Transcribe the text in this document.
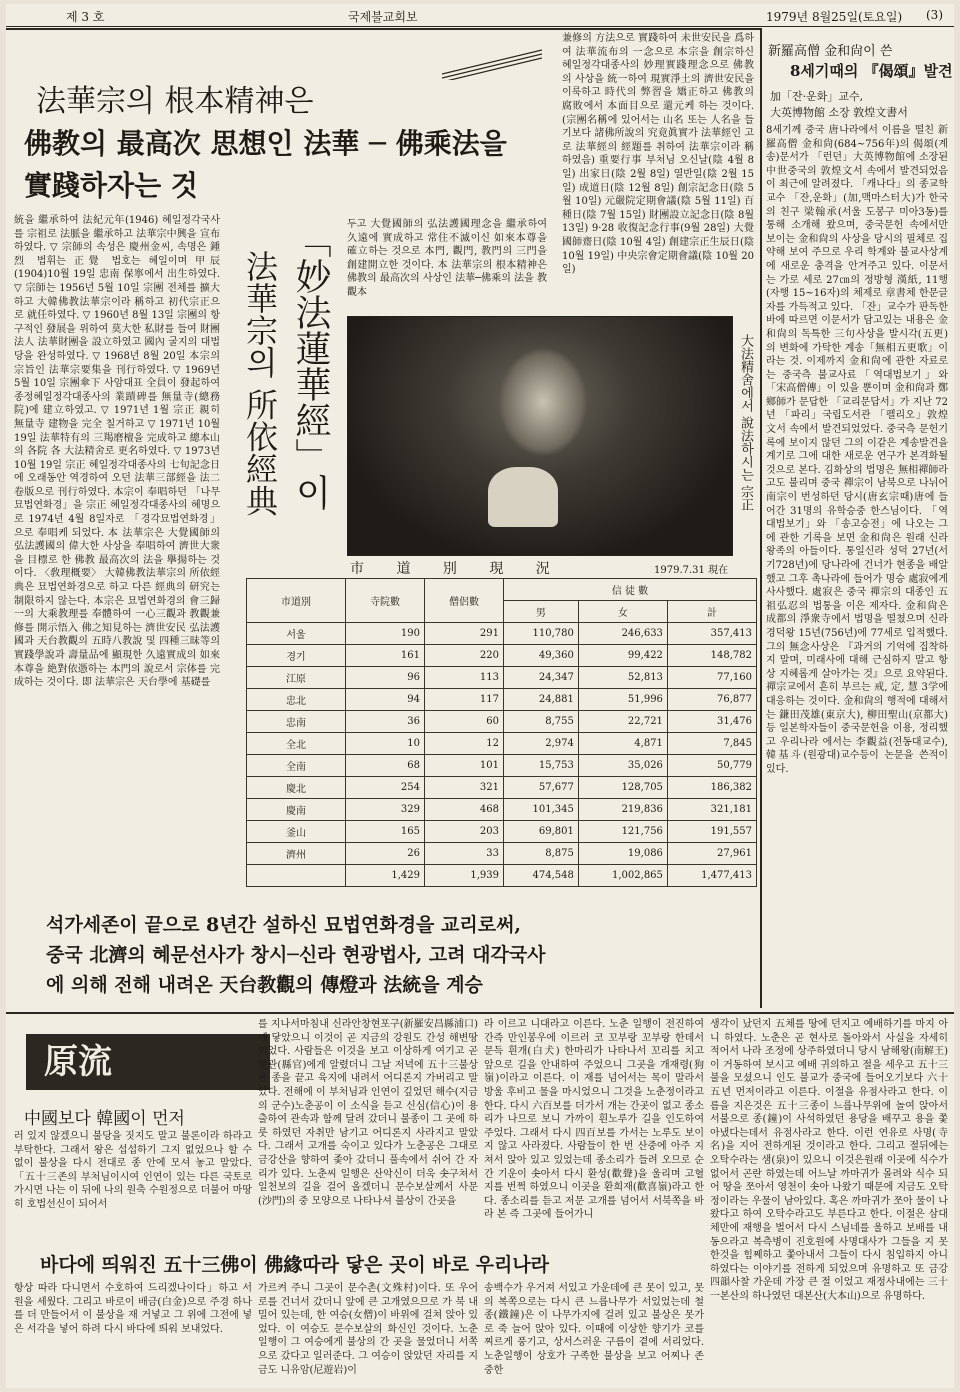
제 3 호	국제불교회보	1979년 8월25일(토요일) (3)
法華宗의 根本精神은
佛教의 最高次 思想인 法華 ─ 佛乘法을
實踐하자는 것
統을 繼承하여 法紀元年(1946) 혜일정각국사를 宗祖로 法脈을 繼承하고 法華宗中興을 宣布하였다. ▽ 宗師의 속성은 慶州金씨, 속명은 鍾烈 법휘는 正覺 법호는 혜일이며 甲辰(1904)10월 19일 忠南 保寧에서 出生하였다. ▽ 宗師는 1956년 5월 10일 宗團 전체를 擴大하고 大韓佛教法華宗이라 稱하고 初代宗正으로 就任하였다. ▽ 1960년 8월 13일 宗團의 항구적인 發展을 위하여 莫大한 私財를 들여 財團法人 法華財團을 設立하였고 國內 굴지의 대법당을 완성하였다. ▽ 1968년 8월 20일 本宗의 宗旨인 法華宗要集을 刊行하였다. ▽ 1969년 5월 10일 宗團傘下 사암대표 全員이 發起하여 종정혜일정각대종사의 業蹟碑를 無量寺(總務院)에 建立하였고. ▽ 1971년 1월 宗正 親히 無量寺 建物을 完全 칠거하고 ▽ 1971년 10월 19일 法華特有의 三羯磨檀을 完成하고 總本山의 各院 各 大法精舍로 更名하였다. ▽ 1973년 10월 19일 宗正 혜일정각대종사의 七旬記念日에 오래동안 역경하여 오던 法華三部經을 法二卷版으로 刊行하였다. 本宗이 奉唱하던 「나무묘법연화경」을 宗正 혜일정각대종사의 혜명으로 1974년 4월 8일자로 「경각묘법연화경」으로 奉唱케 되었다. 本 法華宗은 大覺國師의 弘法護國의 偉大한 사상을 奉唱하여 濟世大衆을 目標로 한 佛教 最高次의 法을 擧揚하는 것이다. 〈敎理概要〉 大韓佛教法華宗의 所依經典은 묘법연화경으로 하고 다른 經典의 研究는 制限하지 않는다. 本宗은 묘법연화경의 會三歸一의 大乘教理를 奉體하여 一心三觀과 教觀兼修를 開示悟入 佛之知見하는 濟世安民 弘法護國과 天台教觀의 五時八教說 및 四種三昧等의 實踐學說과 壽量品에 顯現한 久遠實成의 如來本尊을 絶對依憑하는 本門의 說로서 宗体를 完成하는 것이다. 即 法華宗은 天台學에 基礎를
「妙法蓮華經」이
法華宗의 所依經典
두고 大覺國師의 弘法護國理念을 繼承하여 久遠에 實成하고 常住不滅이신 如來本尊을 確立하는 것으로 本門, 觀門, 教門의 三門을 創建開立한 것이다. 本 法華宗의 根本精神은 佛教의 最高次의 사상인 法華─佛乘의 法을 教觀本
兼修의 方法으로 實踐하여 未世安民을 爲하여 法華流布의 一念으로 本宗을 創宗하신 혜일정각대종사의 妙理實踐理念으로 佛教의 사상을 統一하여 現實淨土의 濟世安民을 이룩하고 時代의 弊習을 矯正하고 佛教의 腐敗에서 本面目으로 還元케 하는 것이다. (宗團名稱에 있어서는 山名 또는 人名을 들기보다 諸佛所說의 究竟眞實가 法華經인 고로 法華經의 經題를 취하여 法華宗이라 稱하였음) 重要行事 부처님 오신날(陰 4월 8일) 出家日(陰 2월 8일) 열반일(陰 2월 15일) 成道日(陰 12월 8일) 創宗記念日(陰 5월 10일) 元嚴院定期會議(陰 5월 11일) 百種日(陰 7월 15일) 財團設立記念日(陰 8월 13일) 9·28 收復記念行事(9월 28일) 大覺國師齋日(陰 10월 4일) 創建宗正生辰日(陰 10월 19일) 中央宗會定期會議(陰 10월 20일)
大法精舍에서 說法하시는 宗正
市 道 別 現 況	1979.7.31 現在
市道別	寺院數	僧侶數	信 徒 數		
			男	女	計
서울	190	291	110,780	246,633	357,413
경기	161	220	49,360	99,422	148,782
江原	96	113	24,347	52,813	77,160
忠北	94	117	24,881	51,996	76,877
忠南	36	60	8,755	22,721	31,476
全北	10	12	2,974	4,871	7,845
全南	68	101	15,753	35,026	50,779
慶北	254	321	57,677	128,705	186,382
慶南	329	468	101,345	219,836	321,181
釜山	165	203	69,801	121,756	191,557
濟州	26	33	8,875	19,086	27,961
	1,429	1,939	474,548	1,002,865	1,477,413
석가세존이 끝으로 8년간 설하신 묘법연화경을 교리로써,
중국 北濟의 혜문선사가 창시─신라 현광법사, 고려 대각국사
에 의해 전해 내려온 天台教觀의 傳燈과 法統을 계승
新羅高僧 金和尙이 쓴
8세기때의 『偈頌』발견
加「잔·운화」교수,
大英博物館 소장 敦煌文書서
8세기께 중국 唐나라에서 이름을 떨친 新羅高僧 金和尙(684~756年)의 偈頌(계송)문서가 「런던」大英博物館에 소장된 中世중국의 敦煌文서 속에서 발견되었음이 최근에 알려졌다. 「캐나다」의 종교학교수 「잔,운화」(加,맥마스터大)가 한국의 친구 梁翰承(서울 도봉구 미아3동)를 통해 소개해 왔으며, 중국문헌 속에서만 보이는 金和尙의 사상을 당시의 필체로 집약해 보여 주므로 우리 학계와 불교사상계에 새로운 충격을 안겨주고 있다. 이문서는 가로 세로 27㎝의 정방형 漢紙, 11행(자행 15~16자)의 체제로 章書체 한문글자를 가득적고 있다. 「잔」교수가 판독한 바에 따르면 이문서가 담고있는 내용은 金和尙의 독특한 三句사상을 발시각(五更)의 변화에 가탁한 계송「無相五更歌」이라는 것. 이제까지 金和尙에 관한 자료로는 중국측 불교사료「역대법보기」와 「宋高僧傳」이 있을 뿐이며 金和尙과 鄭鄉師가 문답한 「교리문답서」가 지난 72년 「파리」국립도서관 「펠리오」敦煌文서 속에서 발견되었었다. 중국측 문헌기록에 보이지 않던 그의 이같은 계송발견을 계기로 그에 대한 새로운 연구가 본격화될 것으로 본다. 김화상의 법명은 無相禪師라고도 불리며 중국 禪宗이 남북으로 나뉘어 南宗이 번성하던 당시(唐玄宗때)唐에 들어간 31명의 유학승중 한스님이다. 「역대법보기」와 「송고승전」에 나오는 그에 관한 기록을 보면 金和尙은 원래 신라왕족의 아들이다. 통일신라 성덕 27년(서기728년)에 당나라에 건너가 현종을 배알했고 그후 촉나라에 들어가 명승 處寂에게 사사했다. 處寂은 중국 禪宗의 대종인 五祖弘忍의 법통을 이은 제자다. 金和尙은成都의 淨衆寺에서 법명을 떨쳤으며 신라 경덕왕 15년(756년)에 77세로 입적했다. 그의 無念사상은 『과거의 기억에 집착하지 말며, 미래사에 대해 근심하지 말고 항상 지혜롭게 살아가는 것』으로 요약된다. 禪宗교에서 흔히 부르는 戒, 定, 慧 3学에 대응하는 것이다. 金和尙의 행적에 대해서는 鎌田茂雄(東京大), 柳田聖山(京都大)등 일본학자들이 중국문헌을 이용, 정리했고 우리나라 에서는 李觀益(전동대교수), 韓基斗(원광대)교수등이 논문을 쓴적이 있다.
原流
中國보다 韓國이 먼저
러 있지 않겠으니 불당을 짓지도 말고 불론이라 하라고 부탁한다. 그래서 왕은 섭섭하기 그지 없었으나 할 수 없이 불상을 다시 전대로 종 안에 모셔 놓고 말았다. 「五十三존의 부처님이시여 인연이 있는 다른 국토로 가시면 나는 이 뒤에 나의 원축 수원정으로 더불어 마땅히 호법선신이 되어서
를 지나서마침내 신라안창현포구(新羅安昌縣浦口)에 닿았으니 이것이 곧 지금의 강원도 간성 해변땅이었다. 사람들은 이것을 보고 이상하게 여기고 곧 현관(縣官)에게 알렸더니 그날 저녁에 五十三불상은 종을 끝고 육지에 내려서 어디론지 가버리고 말았다. 전해에 이 부처님과 인연이 깊었던 해수(지금의 군수)노춘공이 이 소식을 듣고 신심(信心)이 용출하여 관속과 함께 달려 갔더니 불종이 그 곳에 하룻 하였던 자취만 남기고 어디론지 사라지고 말았다. 그래서 고개를 숙이고 있다가 노춘공은 그대로 금강산을 향하여 좇아 갔더니 풀속에서 쉬어 간 자리가 있다. 노춘씨 일행은 산악신이 더욱 솟구쳐서 일천보의 길을 걸어 올겠더니 문수보살께서 사문(沙門)의 중 모양으로 나타나셔 불상이 간곳을
라 이르고 니대라고 이른다. 노춘 일행이 전진하여 간즉 만인봉우에 이르러 코 꼬부랑 꼬부랑 한데서 문득 흰개(白犬) 한마리가 나타나서 꼬리를 치고 앞으로 길을 안내하여 주었으니 그곳을 개재령(狗嶺)이라고 이른다. 이 재를 넘어서는 목이 말라서 방울 후비고 물을 마시었으니 그것을 노춘정이라고 한다. 다시 六百보를 더가서 개는 간곳이 없고 종소리가 나므로 보니 가까이 흰노루가 길을 인도하여 주었다. 그래서 다시 四百보를 가서는 노루도 보이지 않고 사라졌다. 사람들이 한 번 산중에 아주 지쳐서 앉아 있고 있었는데 종소리가 들려 오므로 순간 기운이 솟아서 다시 환성(歡聲)을 울리며 고혈지를 번쩍 하였으니 이곳을 환희재(歡喜嶺)라고 한다. 종소리를 듣고 저문 고개를 넘어서 서북쪽을 바라 본 즉 그곳에 들어가니
생각이 났던지 五체를 땅에 던지고 예배하기를 마지 아니 하였다. 노춘은 곧 현사로 돌아와서 사실을 자세히 적어서 나라 조정에 상주하였더니 당시 남해왕(南解王)이 거동하여 보시고 예배 귀의하고 절을 세우고 五十三불을 모셨으니 인도 불교가 중국에 들어오기보다 六十五년 먼저이라고 이른다. 이절을 유점사라고 한다. 이름을 지은것은 五十三종이 느릅나무위에 놀여 앉아서 서불으로 종(鐘)이 사석하였던 용당을 배꾸고 용을 쫓아냈다는데서 유점사라고 한다. 이런 연유로 사명(寺名)을 지어 전하게된 것이라고 한다. 그리고 절뒤에는 오탁수라는 샘(泉)이 있으니 이것은원래 이곳에 식수가 없어서 곤란 하였는데 어느날 까마귀가 몰려와 식수 되어 땅을 쪼아서 영천이 솟아 나왔기 때문에 지금도 오탁정이라는 우물이 남아있다. 혹은 까마귀가 쪼아 물이 나왔다고 하여 오탁수라고도 부른다고 한다. 이절은 삼대체만에 재행을 벌어서 다시 스님네를 울하고 보배를 내동으라고 복측병이 진호원에 사명대사가 그들을 지 못한것을 힘쩨하고 쫓아내서 그들이 다시 침입하지 아니하였다는 이야기를 전하게 되었으며 유명하고 또 금강 四韻사찰 가운데 가장 큰 절 이었고 재정사내에는 三十一본산의 하나였던 대본산(大本山)으로 유명하다.
바다에 띄워진 五十三佛이 佛緣따라 닿은 곳이 바로 우리나라
항상 따라 다니면서 수호하여 드리겠나이다」하고 서원을 세웠다. 그리고 바로이 배금(白金)으로 주경 하나를 더 만들어서 이 불상을 재 거넣고 그 위에 그전에 넣은 서각을 넣어 하려 다시 바다에 띄워 보내었다.
가르켜 주니 그곳이 문수촌(文殊村)이다. 또 우어로를 건너서 갔더니 앞에 큰 고개였으므로 가 북 내밀어 있는데, 한 여승(女僧)이 바위에 걸쳐 앉아 있었다. 이 여승도 문수보살의 화신인 것이다. 노춘 일행이 그 여승에게 불상의 간 곳을 물었더니 서쪽으로 갔다고 일러준다. 그 여승이 앉았던 자리를 지금도 니유암(尼遊岩)이
송백수가 우거져 서있고 가운데에 큰 못이 있고, 못의 복쪽으로는 다시 큰 느릅나무가 서있었는데 철종(鐵鐘)은 이 나무가지에 걸려 있고 불상은 못가로 죽 늘어 앉아 있다. 이때에 이상한 향기가 코를 찌르게 풍기고, 상서스러운 구름이 곁에 서리었다. 노춘일행이 상호가 구족한 불상을 보고 어찌나 존중한
